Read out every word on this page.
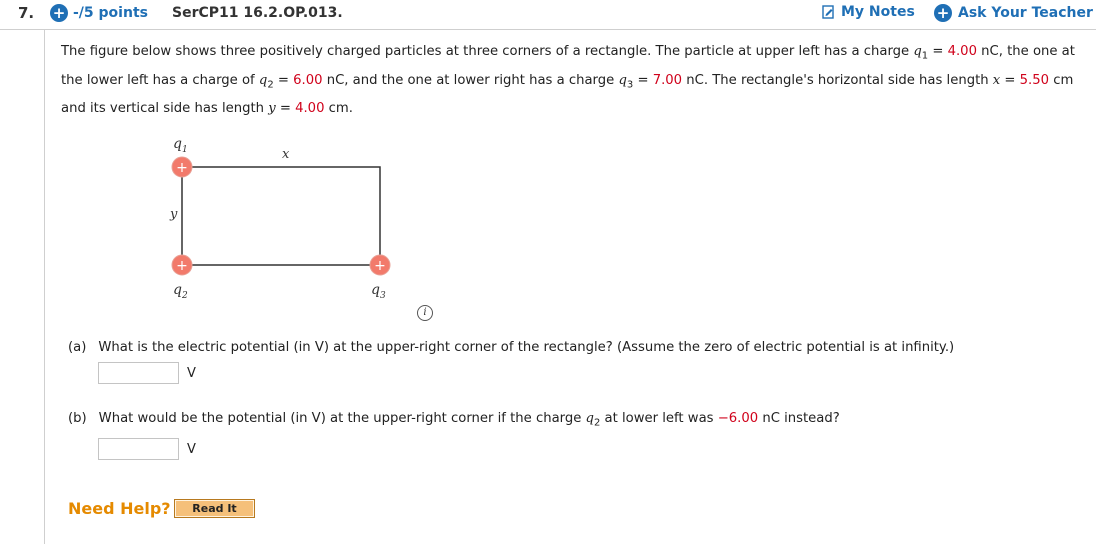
7. + -/5 points SerCP11 16.2.OP.013.	My Notes + Ask Your Teacher
The figure below shows three positively charged particles at three corners of a rectangle. The particle at upper left has a charge $q_1 = 4.00$ nC, the one at the lower left has a charge of $q_2 = 6.00$ nC, and the one at lower right has a charge $q_3 = 7.00$ nC. The rectangle's horizontal side has length x = 5.50 cm and its vertical side has length y = 4.00 cm.
+
+	+
$q_1$
$q_2$	$q_3$
x
y
i
(a) What is the electric potential (in V) at the upper-right corner of the rectangle? (Assume the zero of electric potential is at infinity.)
V
(b) What would be the potential (in V) at the upper-right corner if the charge $q_2$ at lower left was −6.00 nC instead?
V
Need Help?	Read It
